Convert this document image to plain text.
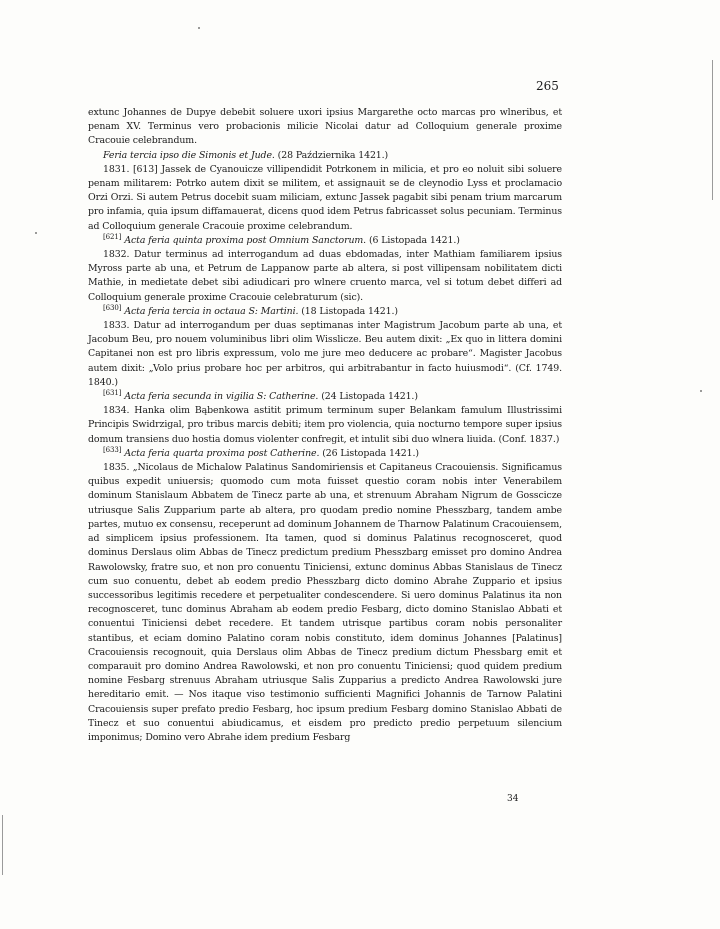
265

extunc Johannes de Dupye debebit soluere uxori ipsius Margarethe octo marcas pro wlneribus, et penam XV. Terminus vero probacionis milicie Nicolai datur ad Colloquium generale proxime Cracouie celebrandum.

Feria tercia ipso die Simonis et Jude. (28 Października 1421.)

1831. [613] Jassek de Cyanouicze villipendidit Potrkonem in milicia, et pro eo noluit sibi soluere penam militarem: Potrko autem dixit se militem, et assignauit se de cleynodio Lyss et proclamacio Orzi Orzi. Si autem Petrus docebit suam miliciam, extunc Jassek pagabit sibi penam trium marcarum pro infamia, quia ipsum diffamauerat, dicens quod idem Petrus fabricasset solus pecuniam. Terminus ad Colloquium generale Cracouie proxime celebrandum.

[621] Acta feria quinta proxima post Omnium Sanctorum. (6 Listopada 1421.)

1832. Datur terminus ad interrogandum ad duas ebdomadas, inter Mathiam familiarem ipsius Myross parte ab una, et Petrum de Lappanow parte ab altera, si post villipensam nobilitatem dicti Mathie, in medietate debet sibi adiudicari pro wlnere cruento marca, vel si totum debet differi ad Colloquium generale proxime Cracouie celebraturum (sic).

[630] Acta feria tercia in octaua S: Martini. (18 Listopada 1421.)

1833. Datur ad interrogandum per duas septimanas inter Magistrum Jacobum parte ab una, et Jacobum Beu, pro nouem voluminibus libri olim Wisslicze. Beu autem dixit: „Ex quo in littera domini Capitanei non est pro libris expressum, volo me jure meo deducere ac probare“. Magister Jacobus autem dixit: „Volo prius probare hoc per arbitros, qui arbitrabantur in facto huiusmodi“. (Cf. 1749. 1840.)

[631] Acta feria secunda in vigilia S: Catherine. (24 Listopada 1421.)

1834. Hanka olim Bąbenkowa astitit primum terminum super Belankam famulum Illustrissimi Principis Swidrzigal, pro tribus marcis debiti; item pro violencia, quia nocturno tempore super ipsius domum transiens duo hostia domus violenter confregit, et intulit sibi duo wlnera liuida. (Conf. 1837.)

[633] Acta feria quarta proxima post Catherine. (26 Listopada 1421.)

1835. „Nicolaus de Michalow Palatinus Sandomiriensis et Capitaneus Cracouiensis. Significamus quibus expedit uniuersis; quomodo cum mota fuisset questio coram nobis inter Venerabilem dominum Stanislaum Abbatem de Tinecz parte ab una, et strenuum Abraham Nigrum de Gosscicze utriusque Salis Zupparium parte ab altera, pro quodam predio nomine Phesszbarg, tandem ambe partes, mutuo ex consensu, receperunt ad dominum Johannem de Tharnow Palatinum Cracouiensem, ad simplicem ipsius professionem. Ita tamen, quod si dominus Palatinus recognosceret, quod dominus Derslaus olim Abbas de Tinecz predictum predium Phesszbarg emisset pro domino Andrea Rawolowsky, fratre suo, et non pro conuentu Tiniciensi, extunc dominus Abbas Stanislaus de Tinecz cum suo conuentu, debet ab eodem predio Phesszbarg dicto domino Abrahe Zuppario et ipsius successoribus legitimis recedere et perpetualiter condescendere. Si uero dominus Palatinus ita non recognosceret, tunc dominus Abraham ab eodem predio Fesbarg, dicto domino Stanislao Abbati et conuentui Tiniciensi debet recedere. Et tandem utrisque partibus coram nobis personaliter stantibus, et eciam domino Palatino coram nobis constituto, idem dominus Johannes [Palatinus] Cracouiensis recognouit, quia Derslaus olim Abbas de Tinecz predium dictum Phessbarg emit et comparauit pro domino Andrea Rawolowski, et non pro conuentu Tiniciensi; quod quidem predium nomine Fesbarg strenuus Abraham utriusque Salis Zupparius a predicto Andrea Rawolowski jure hereditario emit. — Nos itaque viso testimonio sufficienti Magnifici Johannis de Tarnow Palatini Cracouiensis super prefato predio Fesbarg, hoc ipsum predium Fesbarg domino Stanislao Abbati de Tinecz et suo conuentui abiudicamus, et eisdem pro predicto predio perpetuum silencium imponimus; Domino vero Abrahe idem predium Fesbarg

34
